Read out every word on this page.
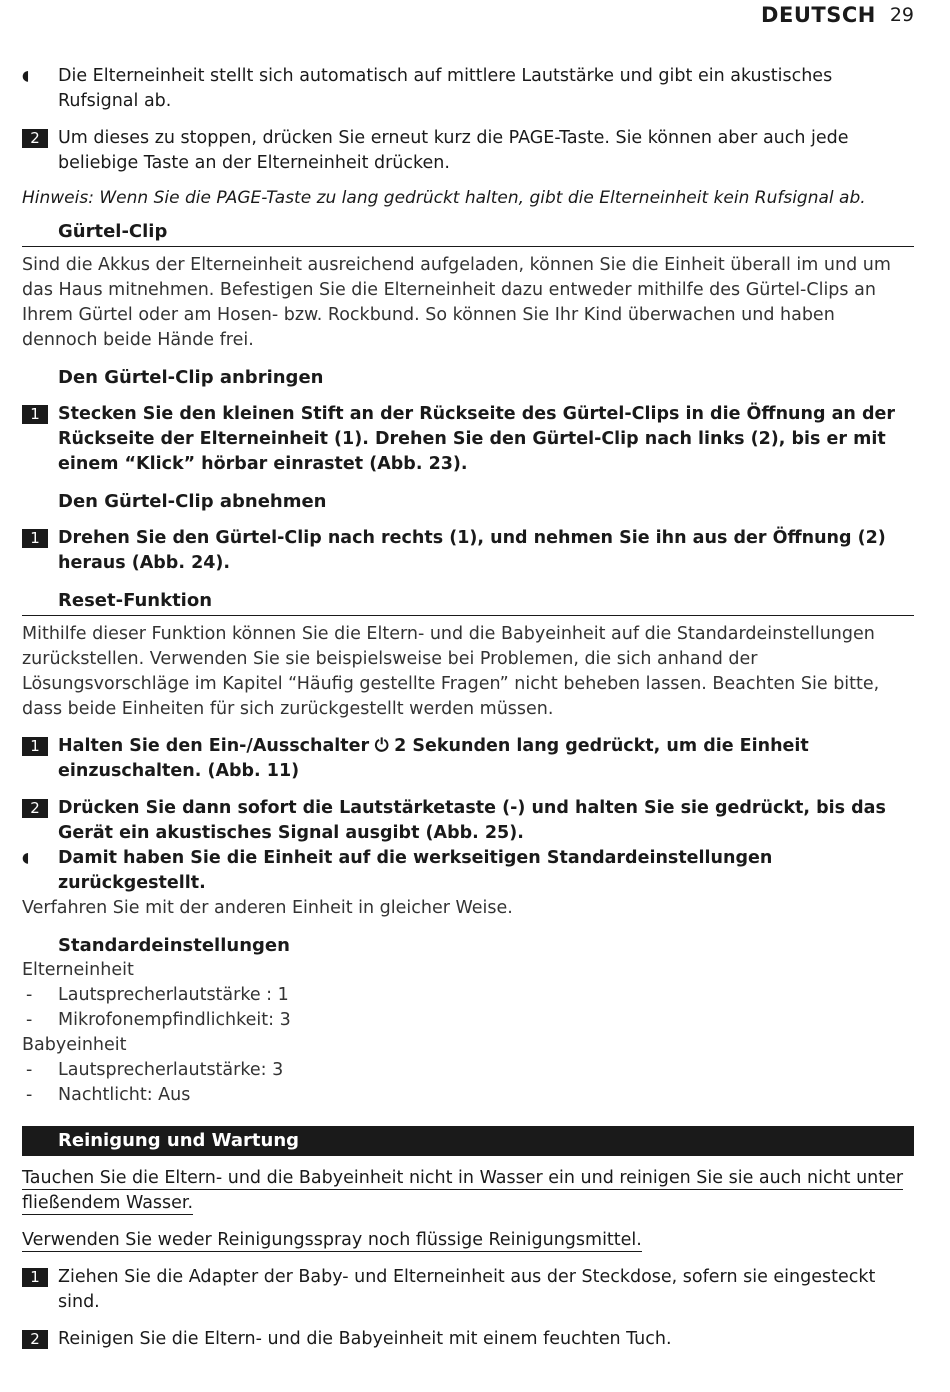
DEUTSCH 29
◖	Die Elterneinheit stellt sich automatisch auf mittlere Lautstärke und gibt ein akustisches Rufsignal ab.
2	Um dieses zu stoppen, drücken Sie erneut kurz die PAGE-Taste. Sie können aber auch jede beliebige Taste an der Elterneinheit drücken.
Hinweis: Wenn Sie die PAGE-Taste zu lang gedrückt halten, gibt die Elterneinheit kein Rufsignal ab.
Gürtel-Clip
Sind die Akkus der Elterneinheit ausreichend aufgeladen, können Sie die Einheit überall im und um das Haus mitnehmen. Befestigen Sie die Elterneinheit dazu entweder mithilfe des Gürtel-Clips an Ihrem Gürtel oder am Hosen- bzw. Rockbund. So können Sie Ihr Kind überwachen und haben dennoch beide Hände frei.
Den Gürtel-Clip anbringen
1	Stecken Sie den kleinen Stift an der Rückseite des Gürtel-Clips in die Öffnung an der Rückseite der Elterneinheit (1). Drehen Sie den Gürtel-Clip nach links (2), bis er mit einem “Klick” hörbar einrastet (Abb. 23).
Den Gürtel-Clip abnehmen
1	Drehen Sie den Gürtel-Clip nach rechts (1), und nehmen Sie ihn aus der Öffnung (2) heraus (Abb. 24).
Reset-Funktion
Mithilfe dieser Funktion können Sie die Eltern- und die Babyeinheit auf die Standardeinstellungen zurückstellen. Verwenden Sie sie beispielsweise bei Problemen, die sich anhand der Lösungsvorschläge im Kapitel “Häufig gestellte Fragen” nicht beheben lassen. Beachten Sie bitte, dass beide Einheiten für sich zurückgestellt werden müssen.
1	Halten Sie den Ein-/Ausschalter ⏻ 2 Sekunden lang gedrückt, um die Einheit einzuschalten. (Abb. 11)
2	Drücken Sie dann sofort die Lautstärketaste (-) und halten Sie sie gedrückt, bis das Gerät ein akustisches Signal ausgibt (Abb. 25).
◖	Damit haben Sie die Einheit auf die werkseitigen Standardeinstellungen zurückgestellt.
Verfahren Sie mit der anderen Einheit in gleicher Weise.
Standardeinstellungen
Elterneinheit
- Lautsprecherlautstärke : 1
- Mikrofonempfindlichkeit: 3
Babyeinheit
- Lautsprecherlautstärke: 3
- Nachtlicht: Aus
Reinigung und Wartung
Tauchen Sie die Eltern- und die Babyeinheit nicht in Wasser ein und reinigen Sie sie auch nicht unter fließendem Wasser.
Verwenden Sie weder Reinigungsspray noch flüssige Reinigungsmittel.
1	Ziehen Sie die Adapter der Baby- und Elterneinheit aus der Steckdose, sofern sie eingesteckt sind.
2	Reinigen Sie die Eltern- und die Babyeinheit mit einem feuchten Tuch.
